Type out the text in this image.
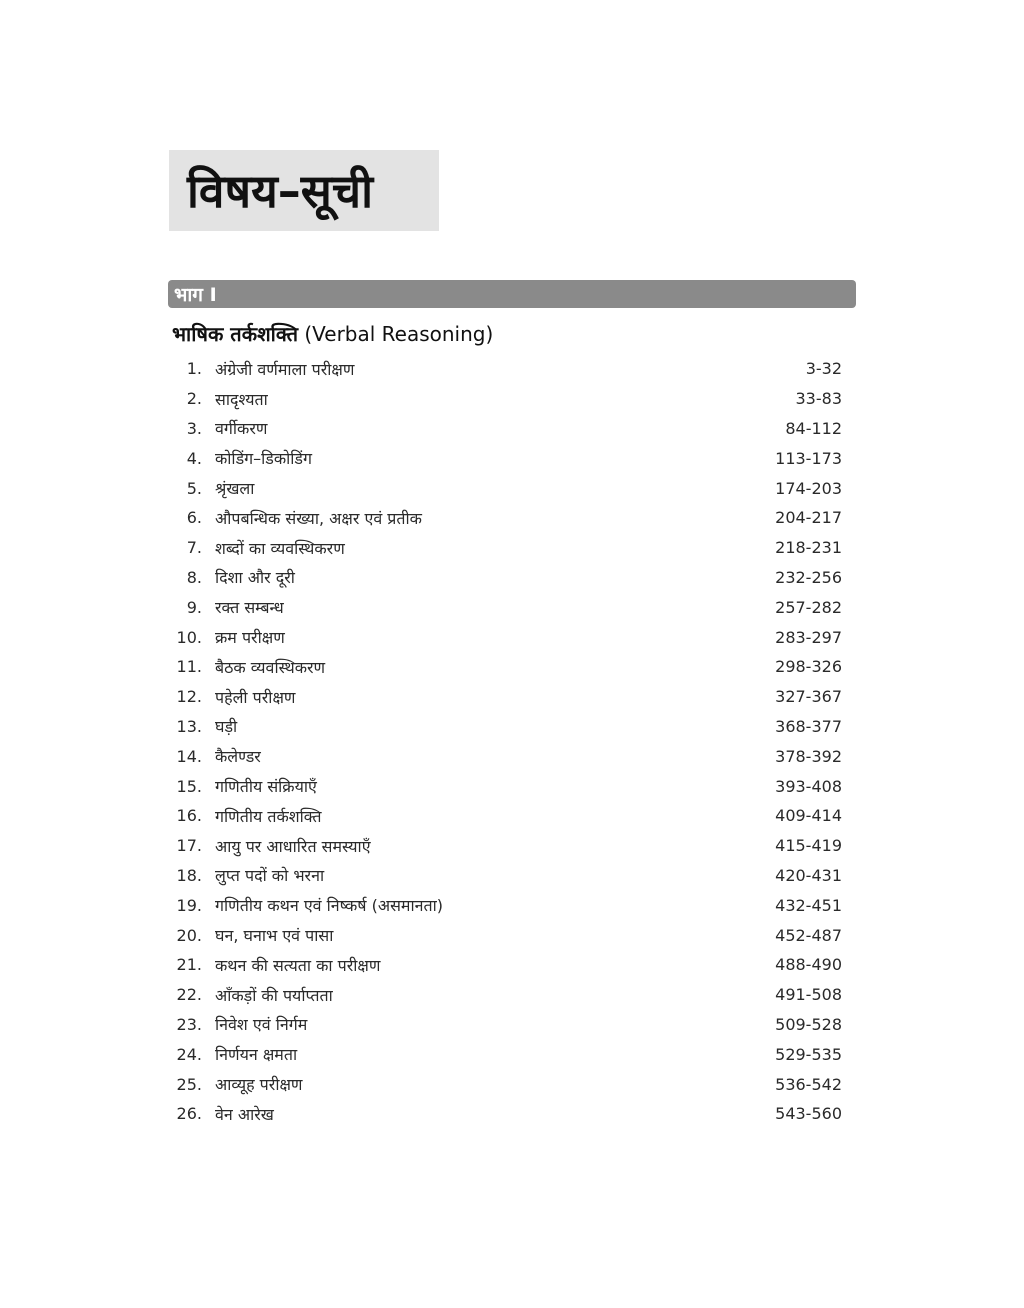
विषय–सूची
भाग I
भाषिक तर्कशक्ति (Verbal Reasoning)
1. अंग्रेजी वर्णमाला परीक्षण	3-32
2. सादृश्यता	33-83
3. वर्गीकरण	84-112
4. कोडिंग–डिकोडिंग	113-173
5. श्रृंखला	174-203
6. औपबन्धिक संख्या, अक्षर एवं प्रतीक	204-217
7. शब्दों का व्यवस्थिकरण	218-231
8. दिशा और दूरी	232-256
9. रक्त सम्बन्ध	257-282
10. क्रम परीक्षण	283-297
11. बैठक व्यवस्थिकरण	298-326
12. पहेली परीक्षण	327-367
13. घड़ी	368-377
14. कैलेण्डर	378-392
15. गणितीय संक्रियाएँ	393-408
16. गणितीय तर्कशक्ति	409-414
17. आयु पर आधारित समस्याएँ	415-419
18. लुप्त पदों को भरना	420-431
19. गणितीय कथन एवं निष्कर्ष (असमानता)	432-451
20. घन, घनाभ एवं पासा	452-487
21. कथन की सत्यता का परीक्षण	488-490
22. आँकड़ों की पर्याप्तता	491-508
23. निवेश एवं निर्गम	509-528
24. निर्णयन क्षमता	529-535
25. आव्यूह परीक्षण	536-542
26. वेन आरेख	543-560
